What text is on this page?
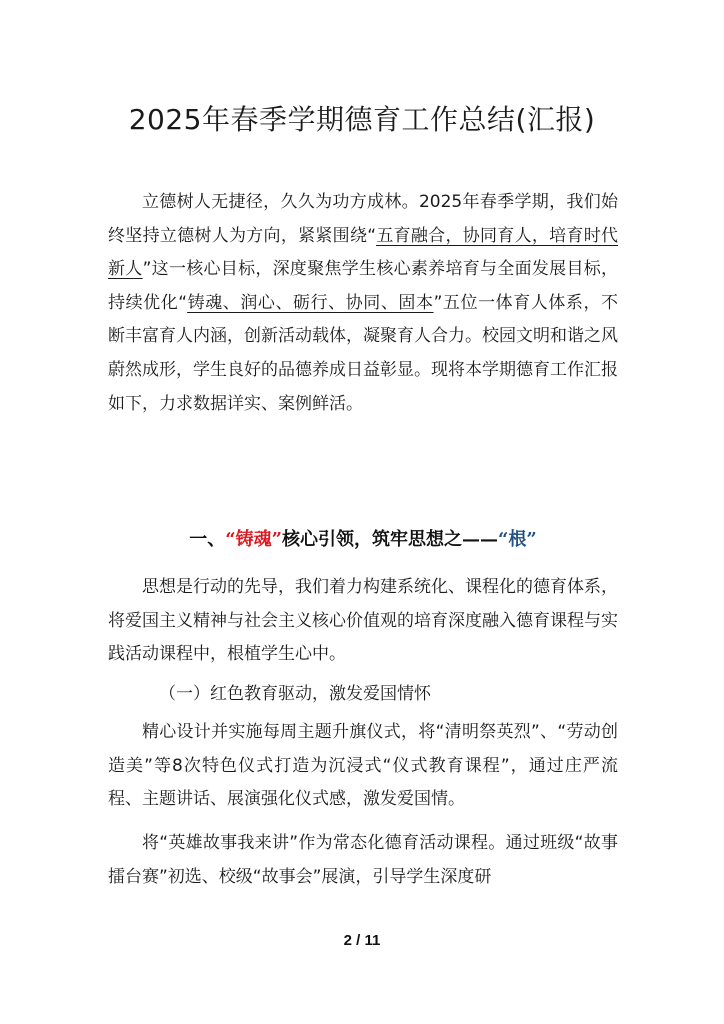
2025年春季学期德育工作总结(汇报)

立德树人无捷径，久久为功方成林。2025年春季学期，我们始终坚持立德树人为方向，紧紧围绕“五育融合，协同育人，培育时代新人”这一核心目标，深度聚焦学生核心素养培育与全面发展目标，持续优化“铸魂、润心、砺行、协同、固本”五位一体育人体系，不断丰富育人内涵，创新活动载体，凝聚育人合力。校园文明和谐之风蔚然成形，学生良好的品德养成日益彰显。现将本学期德育工作汇报如下，力求数据详实、案例鲜活。

一、“铸魂”核心引领，筑牢思想之——“根”

思想是行动的先导，我们着力构建系统化、课程化的德育体系，将爱国主义精神与社会主义核心价值观的培育深度融入德育课程与实践活动课程中，根植学生心中。

（一）红色教育驱动，激发爱国情怀

精心设计并实施每周主题升旗仪式，将“清明祭英烈”、“劳动创造美”等8次特色仪式打造为沉浸式“仪式教育课程”，通过庄严流程、主题讲话、展演强化仪式感，激发爱国情。

将“英雄故事我来讲”作为常态化德育活动课程。通过班级“故事擂台赛”初选、校级“故事会”展演，引导学生深度研

2 / 11
